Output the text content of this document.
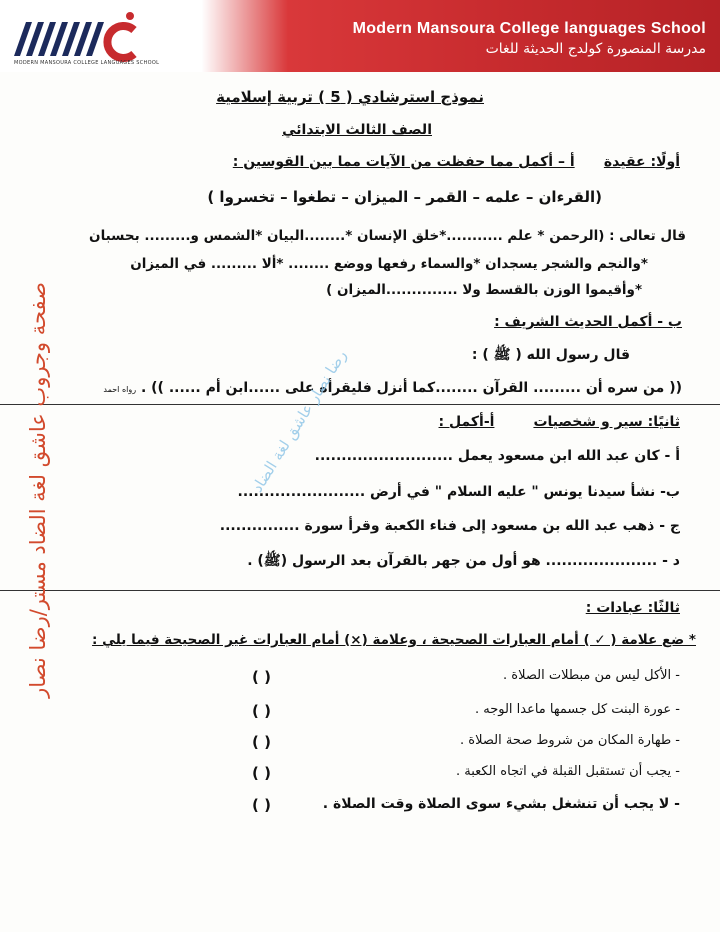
MODERN MANSOURA COLLEGE LANGUAGES SCHOOL
Modern Mansoura College languages School
مدرسة المنصورة كولدج الحديثة للغات
نموذج استرشادي ( 5 ) تربية إسلامية
الصف الثالث الابتدائي
أولًا: عقيدة      أ – أكمل مما حفظت من الآيات مما بين القوسين :
(القرءان – علمه – القمر – الميزان – تطغوا – تخسروا )
قال تعالى : (الرحمن * علم ...........*خلق الإنسان *........البيان *الشمس و......... بحسبان
*والنجم والشجر يسجدان *والسماء رفعها ووضع ........ *ألا ......... في الميزان
*وأقيموا الوزن بالقسط ولا ..............الميزان )
ب - أكمل الحديث الشريف :
قال رسول الله ( ﷺ ) :
(( من سره أن ......... القرآن ........كما أنزل فليقرأه على ......ابن أم ...... )) . رواه احمد
ثانيًا: سير و شخصيات        أ-أكمل :
أ - كان عبد الله ابن مسعود يعمل ..........................
ب- نشأ سيدنا يونس " عليه السلام " في أرض ........................
ج - ذهب عبد الله بن مسعود إلى فناء الكعبة وقرأ سورة ...............
د - ..................... هو أول من جهر بالقرآن بعد الرسول (ﷺ) .
ثالثًا: عبادات :
* ضع علامة ( ✓ ) أمام العبارات الصحيحة ، وعلامة (×) أمام العبارات غير الصحيحة فيما يلي :
- الأكل ليس من مبطلات الصلاة .
( )
- عورة البنت كل جسمها ماعدا الوجه .
( )
- طهارة المكان من شروط صحة الصلاة .
( )
- يجب أن تستقبل القبلة في اتجاه الكعبة .
( )
- لا يجب أن تنشغل بشيء سوى الصلاة وقت الصلاة .
( )
صفحة وجروب عاشق لغة الضاد مستر/رضا نصار	رضا نصار عاشق لغة الضاد
